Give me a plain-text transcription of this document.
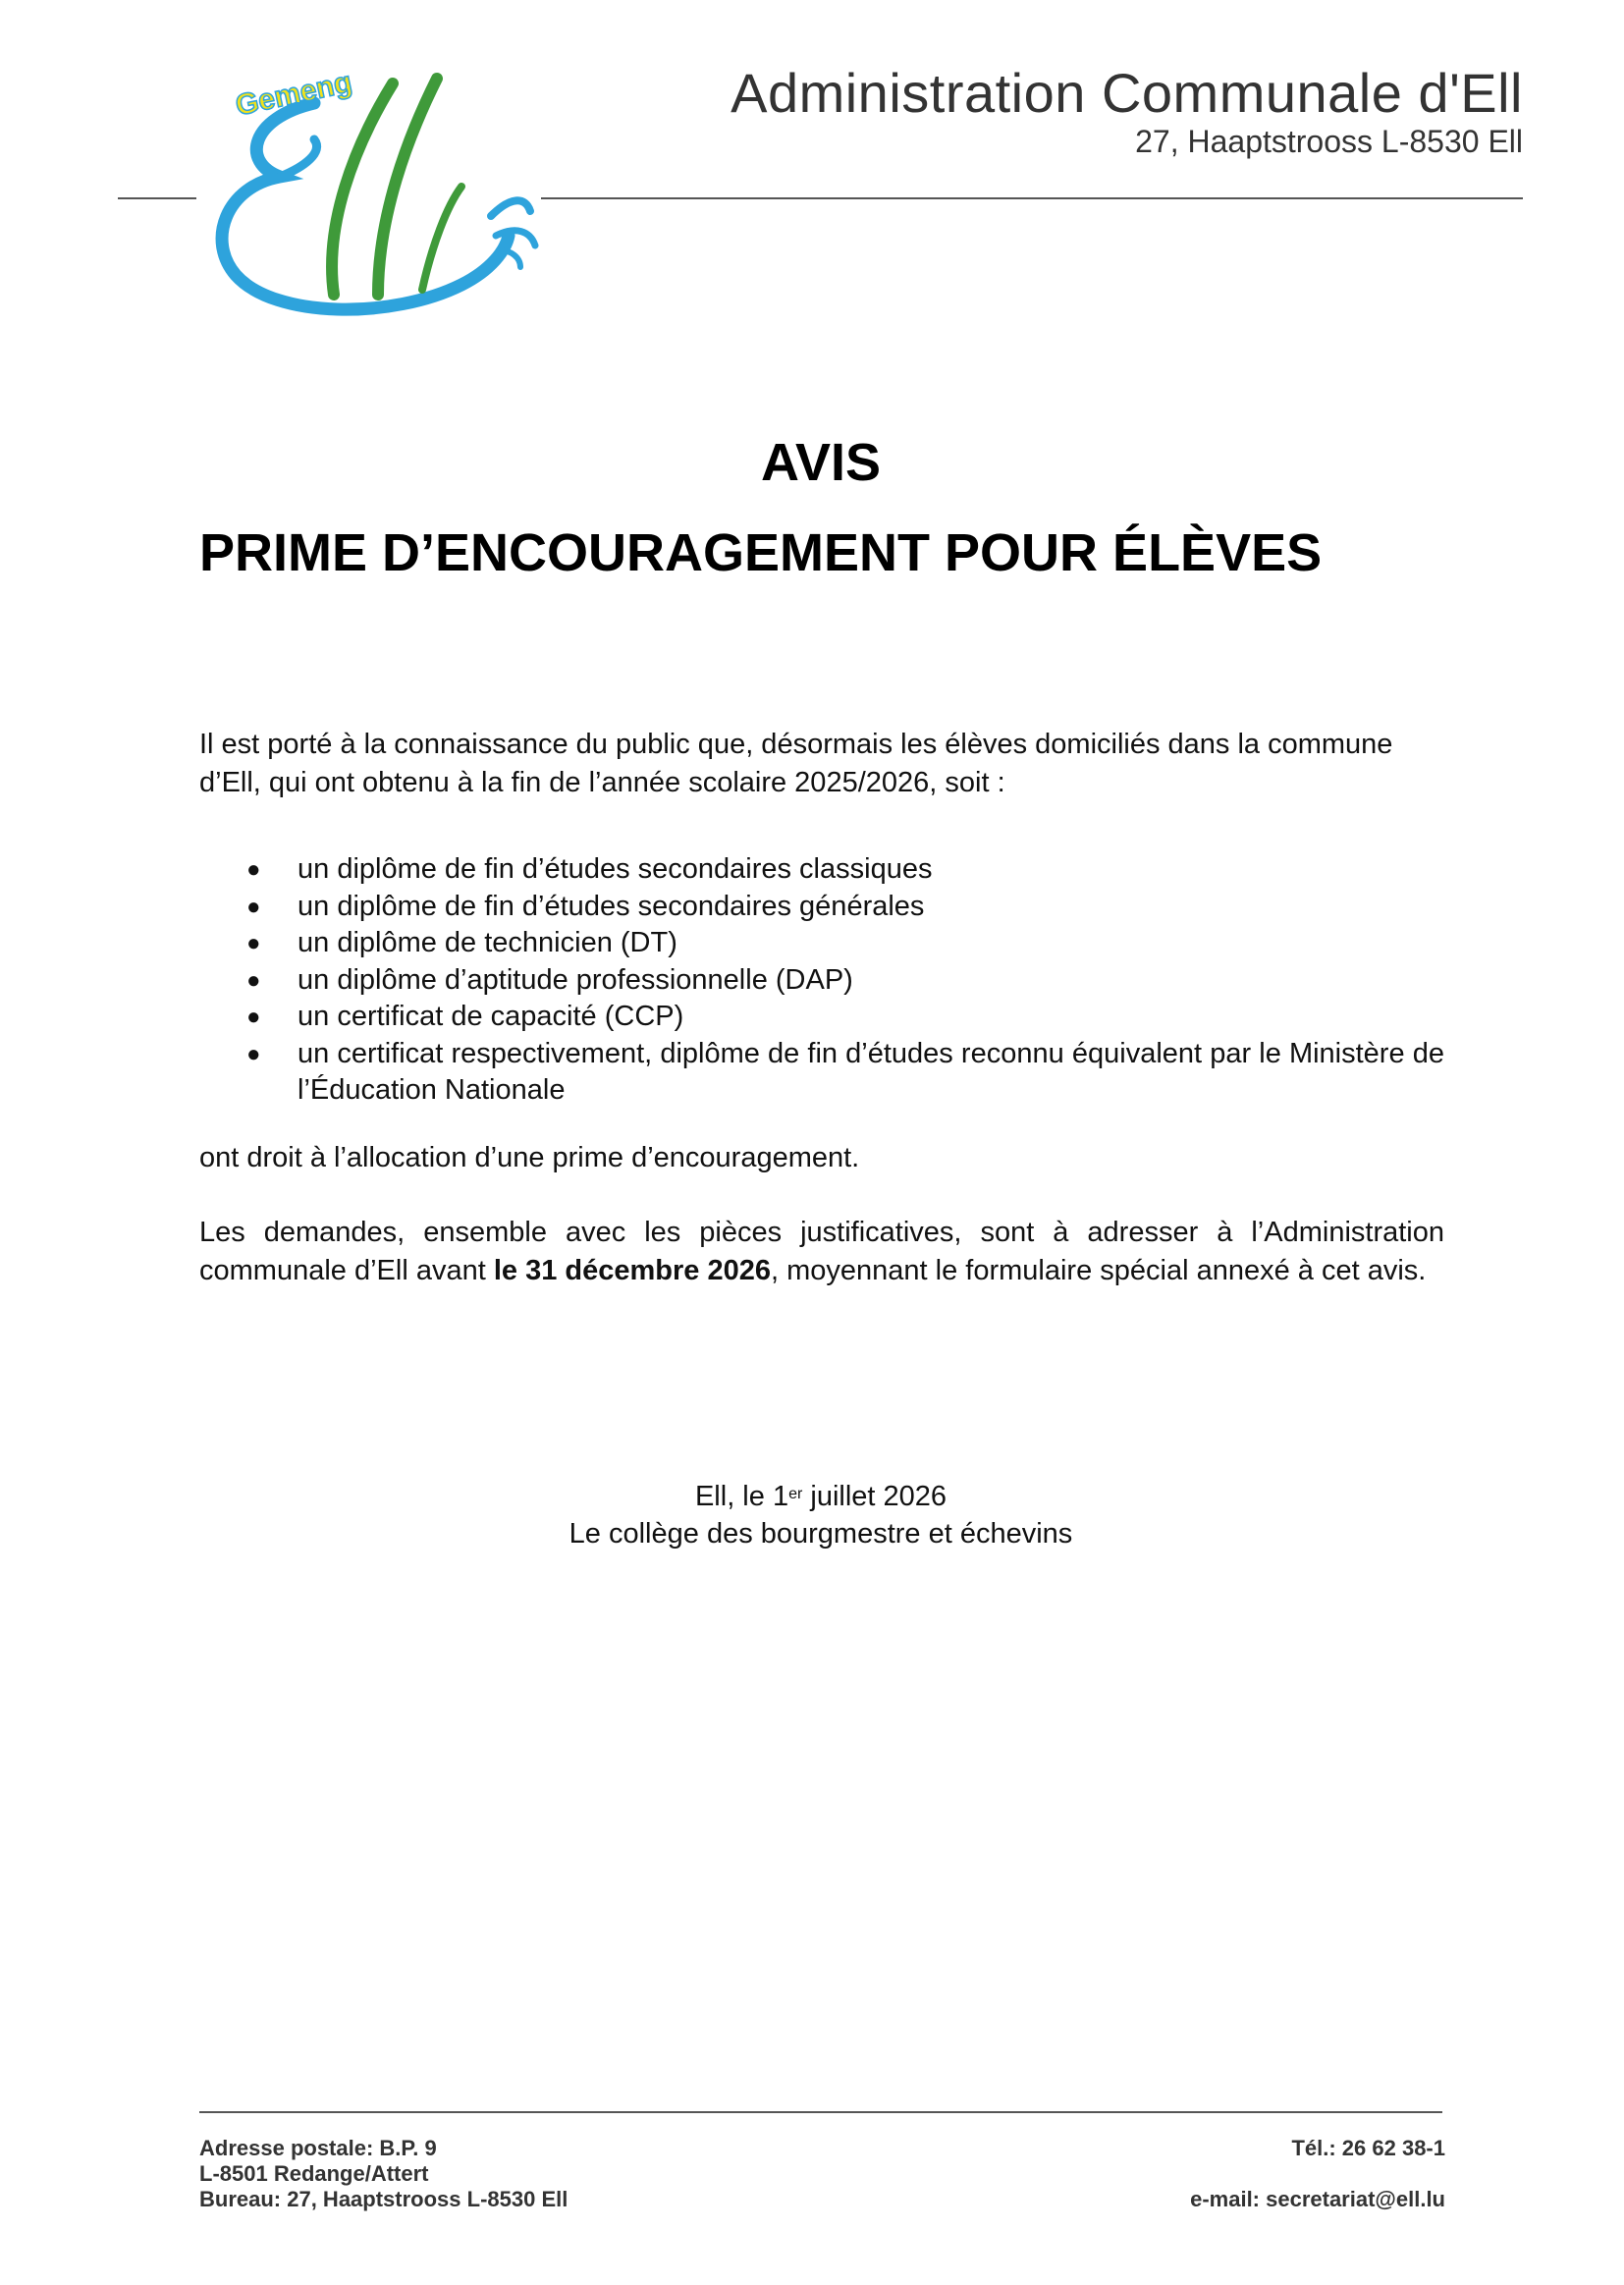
Gemeng
Ell
Administration Communale d'Ell
27, Haaptstrooss L-8530 Ell
AVIS
PRIME D’ENCOURAGEMENT POUR ÉLÈVES
Il est porté à la connaissance du public que, désormais les élèves domiciliés dans la commune d’Ell, qui ont obtenu à la fin de l’année scolaire 2025/2026, soit :
● un diplôme de fin d’études secondaires classiques
● un diplôme de fin d’études secondaires générales
● un diplôme de technicien (DT)
● un diplôme d’aptitude professionnelle (DAP)
● un certificat de capacité (CCP)
● un certificat respectivement, diplôme de fin d’études reconnu équivalent par le Ministère de l’Éducation Nationale
ont droit à l’allocation d’une prime d’encouragement.
Les demandes, ensemble avec les pièces justificatives, sont à adresser à l’Administration communale d’Ell avant le 31 décembre 2026, moyennant le formulaire spécial annexé à cet avis.
Ell, le 1er juillet 2026
Le collège des bourgmestre et échevins
Adresse postale: B.P. 9
L-8501 Redange/Attert
Bureau: 27, Haaptstrooss L-8530 Ell
Tél.: 26 62 38-1
e-mail: secretariat@ell.lu
